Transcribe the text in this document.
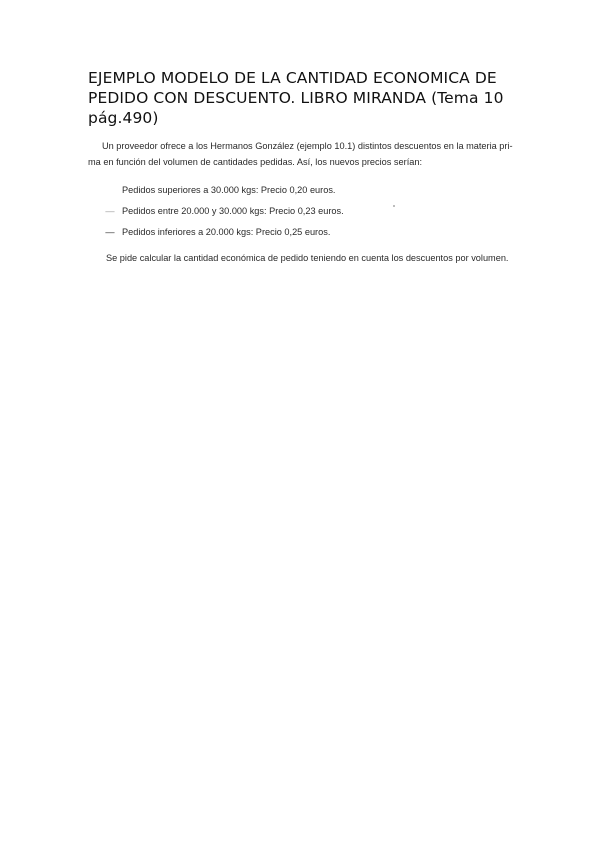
EJEMPLO MODELO DE LA CANTIDAD ECONOMICA DE PEDIDO CON DESCUENTO. LIBRO MIRANDA (Tema 10 pág.490)

Un proveedor ofrece a los Hermanos González (ejemplo 10.1) distintos descuentos en la materia pri-
ma en función del volumen de cantidades pedidas. Así, los nuevos precios serían:

Pedidos superiores a 30.000 kgs: Precio 0,20 euros.
— Pedidos entre 20.000 y 30.000 kgs: Precio 0,23 euros.
— Pedidos inferiores a 20.000 kgs: Precio 0,25 euros.

Se pide calcular la cantidad económica de pedido teniendo en cuenta los descuentos por volumen.
